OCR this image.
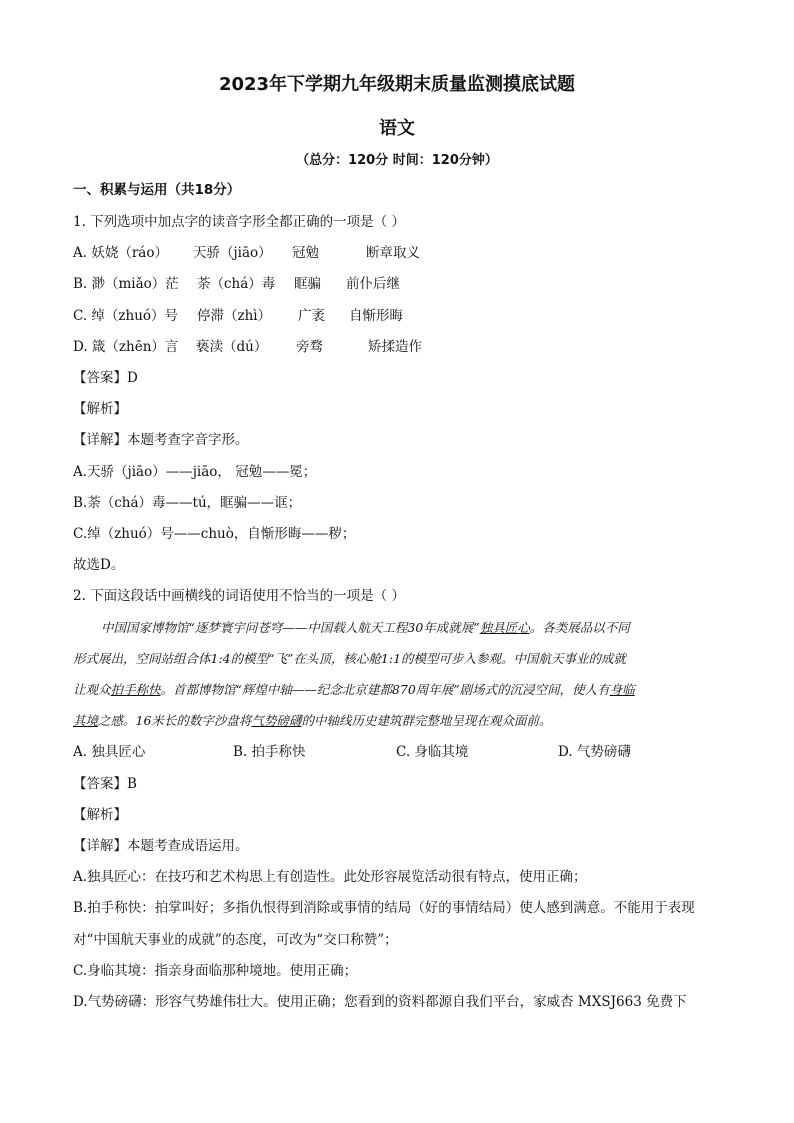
2023年下学期九年级期末质量监测摸底试题
语文
（总分：120分 时间：120分钟）
一、积累与运用（共18分）
1. 下列选项中加点字的读音字形全都正确的一项是（ ）
A. 妖娆（ráo） 天骄（jiāo） 冠勉	断章取义
B. 渺（miǎo）茫 荼（chá）毒 眶骗 前仆后继
C. 绰（zhuó）号 停滞（zhì） 广袤 自惭形晦
D. 箴（zhēn）言 亵渎（dú） 旁骛	矫揉造作
【答案】D
【解析】
【详解】本题考查字音字形。
A.天骄（jiāo）——jiāo， 冠勉——冕；
B.荼（chá）毒——tú，眶骗——诓；
C.绰（zhuó）号——chuò，自惭形晦——秽；
故选D。
2. 下面这段话中画横线的词语使用不恰当的一项是（ ）
中国国家博物馆“逐梦寰宇问苍穹——中国载人航天工程30年成就展”独具匠心。各类展品以不同
形式展出，空间站组合体1:4的模型“飞”在头顶，核心舱1:1的模型可步入参观。中国航天事业的成就
让观众拍手称快。首都博物馆“辉煌中轴——纪念北京建都870周年展”剧场式的沉浸空间，使人有身临
其境之感。16米长的数字沙盘将气势磅礴的中轴线历史建筑群完整地呈现在观众面前。
A. 独具匠心	B. 拍手称快	C. 身临其境	D. 气势磅礴
【答案】B
【解析】
【详解】本题考查成语运用。
A.独具匠心：在技巧和艺术构思上有创造性。此处形容展览活动很有特点，使用正确；
B.拍手称快：拍掌叫好；多指仇恨得到消除或事情的结局（好的事情结局）使人感到满意。不能用于表现
对“中国航天事业的成就”的态度，可改为“交口称赞”；
C.身临其境：指亲身面临那种境地。使用正确；
D.气势磅礴：形容气势雄伟壮大。使用正确；您看到的资料都源自我们平台，家威杏 MXSJ663 免费下
